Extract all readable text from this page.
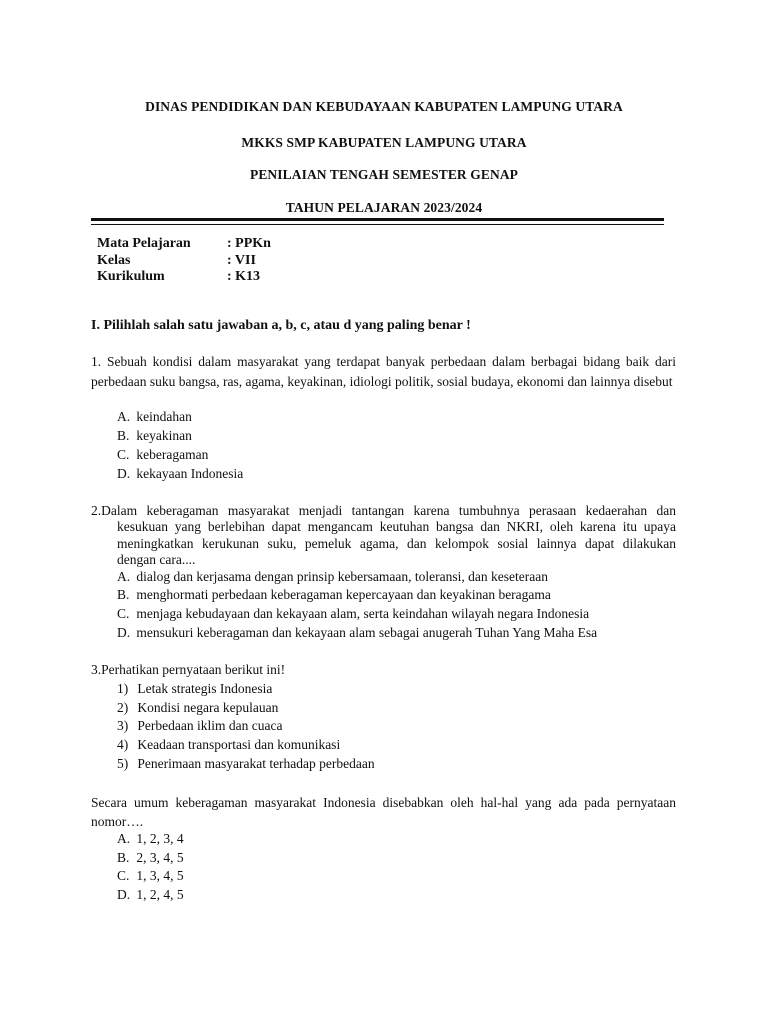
DINAS PENDIDIKAN DAN KEBUDAYAAN KABUPATEN LAMPUNG UTARA
MKKS SMP KABUPATEN LAMPUNG UTARA
PENILAIAN TENGAH SEMESTER GENAP
TAHUN PELAJARAN 2023/2024
Mata Pelajaran	: PPKn
Kelas	: VII
Kurikulum	: K13
I. Pilihlah salah satu jawaban a, b, c, atau d yang paling benar !
1. Sebuah kondisi dalam masyarakat yang terdapat banyak perbedaan dalam berbagai bidang baik dari perbedaan suku bangsa, ras, agama, keyakinan, idiologi politik, sosial budaya, ekonomi dan lainnya disebut
A. keindahan
B. keyakinan
C. keberagaman
D. kekayaan Indonesia
2.Dalam keberagaman masyarakat menjadi tantangan karena tumbuhnya perasaan kedaerahan dan
kesukuan yang berlebihan dapat mengancam keutuhan bangsa dan NKRI, oleh karena itu upaya
meningkatkan kerukunan suku, pemeluk agama, dan kelompok sosial lainnya dapat dilakukan
dengan cara....
A. dialog dan kerjasama dengan prinsip kebersamaan, toleransi, dan keseteraan
B. menghormati perbedaan keberagaman kepercayaan dan keyakinan beragama
C. menjaga kebudayaan dan kekayaan alam, serta keindahan wilayah negara Indonesia
D. mensukuri keberagaman dan kekayaan alam sebagai anugerah Tuhan Yang Maha Esa
3.Perhatikan pernyataan berikut ini!
1) Letak strategis Indonesia
2) Kondisi negara kepulauan
3) Perbedaan iklim dan cuaca
4) Keadaan transportasi dan komunikasi
5) Penerimaan masyarakat terhadap perbedaan
Secara umum keberagaman masyarakat Indonesia disebabkan oleh hal-hal yang ada pada pernyataan nomor….
A. 1, 2, 3, 4
B. 2, 3, 4, 5
C. 1, 3, 4, 5
D. 1, 2, 4, 5
